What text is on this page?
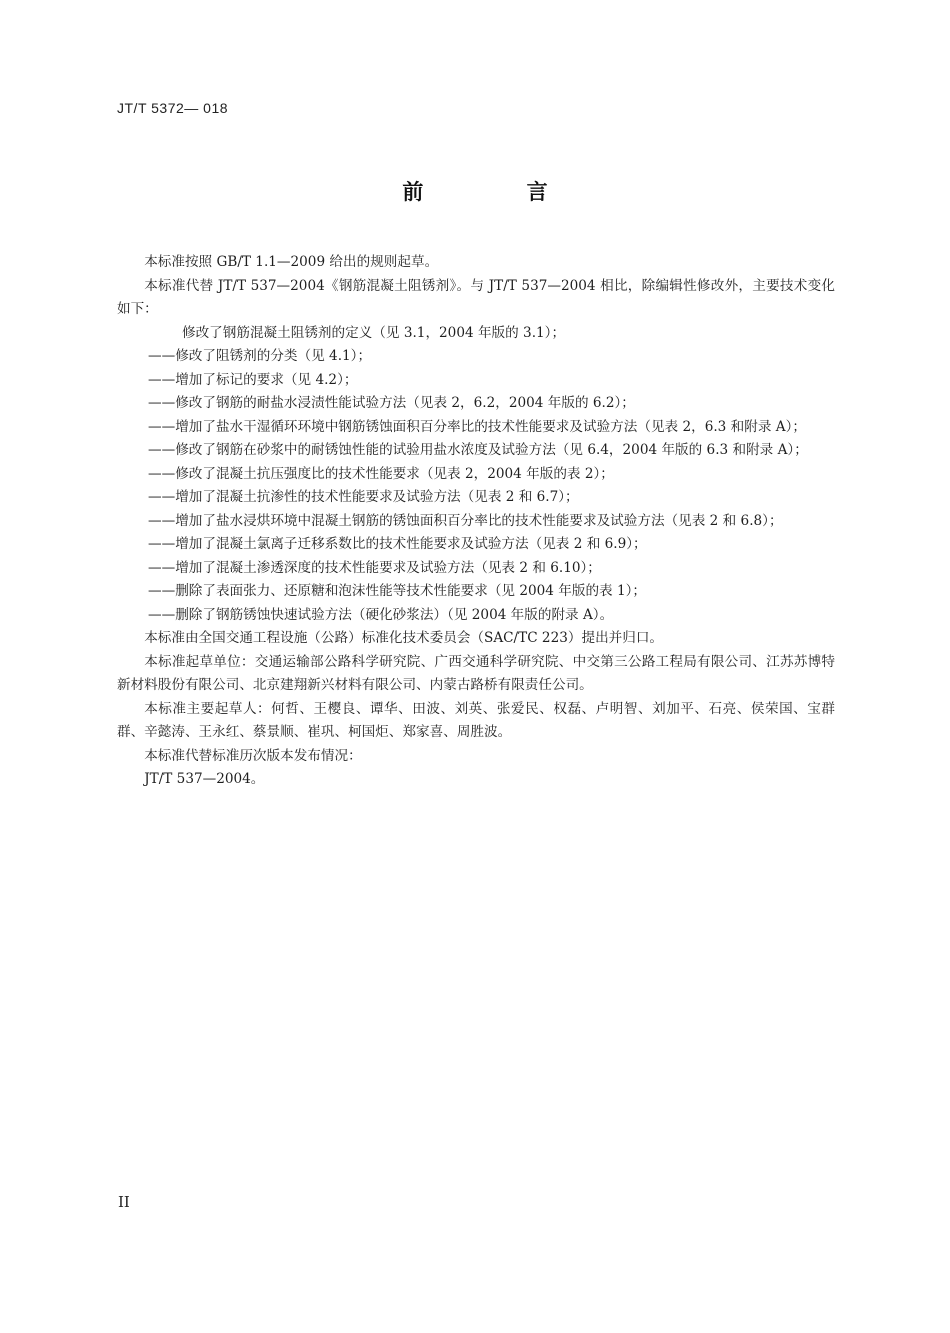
JT/T 5372— 018
前 言

本标准按照 GB/T 1.1—2009 给出的规则起草。

本标准代替 JT/T 537—2004《钢筋混凝土阻锈剂》。与 JT/T 537—2004 相比，除编辑性修改外，主要技术变化如下：

修改了钢筋混凝土阻锈剂的定义（见 3.1，2004 年版的 3.1）；

——修改了阻锈剂的分类（见 4.1）；

——增加了标记的要求（见 4.2）；

——修改了钢筋的耐盐水浸渍性能试验方法（见表 2，6.2，2004 年版的 6.2）；

——增加了盐水干湿循环环境中钢筋锈蚀面积百分率比的技术性能要求及试验方法（见表 2，6.3 和附录 A）；

——修改了钢筋在砂浆中的耐锈蚀性能的试验用盐水浓度及试验方法（见 6.4，2004 年版的 6.3 和附录 A）；

——修改了混凝土抗压强度比的技术性能要求（见表 2，2004 年版的表 2）；

——增加了混凝土抗渗性的技术性能要求及试验方法（见表 2 和 6.7）；

——增加了盐水浸烘环境中混凝土钢筋的锈蚀面积百分率比的技术性能要求及试验方法（见表 2 和 6.8）；

——增加了混凝土氯离子迁移系数比的技术性能要求及试验方法（见表 2 和 6.9）；

——增加了混凝土渗透深度的技术性能要求及试验方法（见表 2 和 6.10）；

——删除了表面张力、还原糖和泡沫性能等技术性能要求（见 2004 年版的表 1）；

——删除了钢筋锈蚀快速试验方法（硬化砂浆法）（见 2004 年版的附录 A）。

本标准由全国交通工程设施（公路）标准化技术委员会（SAC/TC 223）提出并归口。

本标准起草单位：交通运输部公路科学研究院、广西交通科学研究院、中交第三公路工程局有限公司、江苏苏博特新材料股份有限公司、北京建翔新兴材料有限公司、内蒙古路桥有限责任公司。

本标准主要起草人：何哲、王樱良、谭华、田波、刘英、张爱民、权磊、卢明智、刘加平、石亮、侯荣国、宝群群、辛懿涛、王永红、蔡景顺、崔巩、柯国炬、郑家喜、周胜波。

本标准代替标准历次版本发布情况：

JT/T 537—2004。

II
